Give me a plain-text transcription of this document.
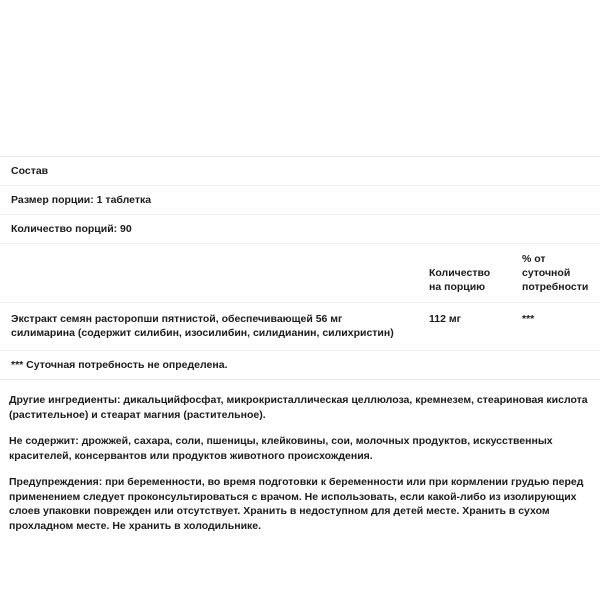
Состав		
Размер порции: 1 таблетка		
Количество порций: 90		
	Количество на порцию	% от суточной потребности
Экстракт семян расторопши пятнистой, обеспечивающей 56 мг силимарина (содержит силибин, изосилибин, силидианин, силихристин)	112 мг	***
*** Суточная потребность не определена.		

Другие ингредиенты: дикальцийфосфат, микрокристаллическая целлюлоза, кремнезем, стеариновая кислота (растительное) и стеарат магния (растительное).

Не содержит: дрожжей, сахара, соли, пшеницы, клейковины, сои, молочных продуктов, искусственных красителей, консервантов или продуктов животного происхождения.

Предупреждения: при беременности, во время подготовки к беременности или при кормлении грудью перед применением следует проконсультироваться с врачом. Не использовать, если какой-либо из изолирующих слоев упаковки поврежден или отсутствует. Хранить в недоступном для детей месте. Хранить в сухом прохладном месте. Не хранить в холодильнике.
